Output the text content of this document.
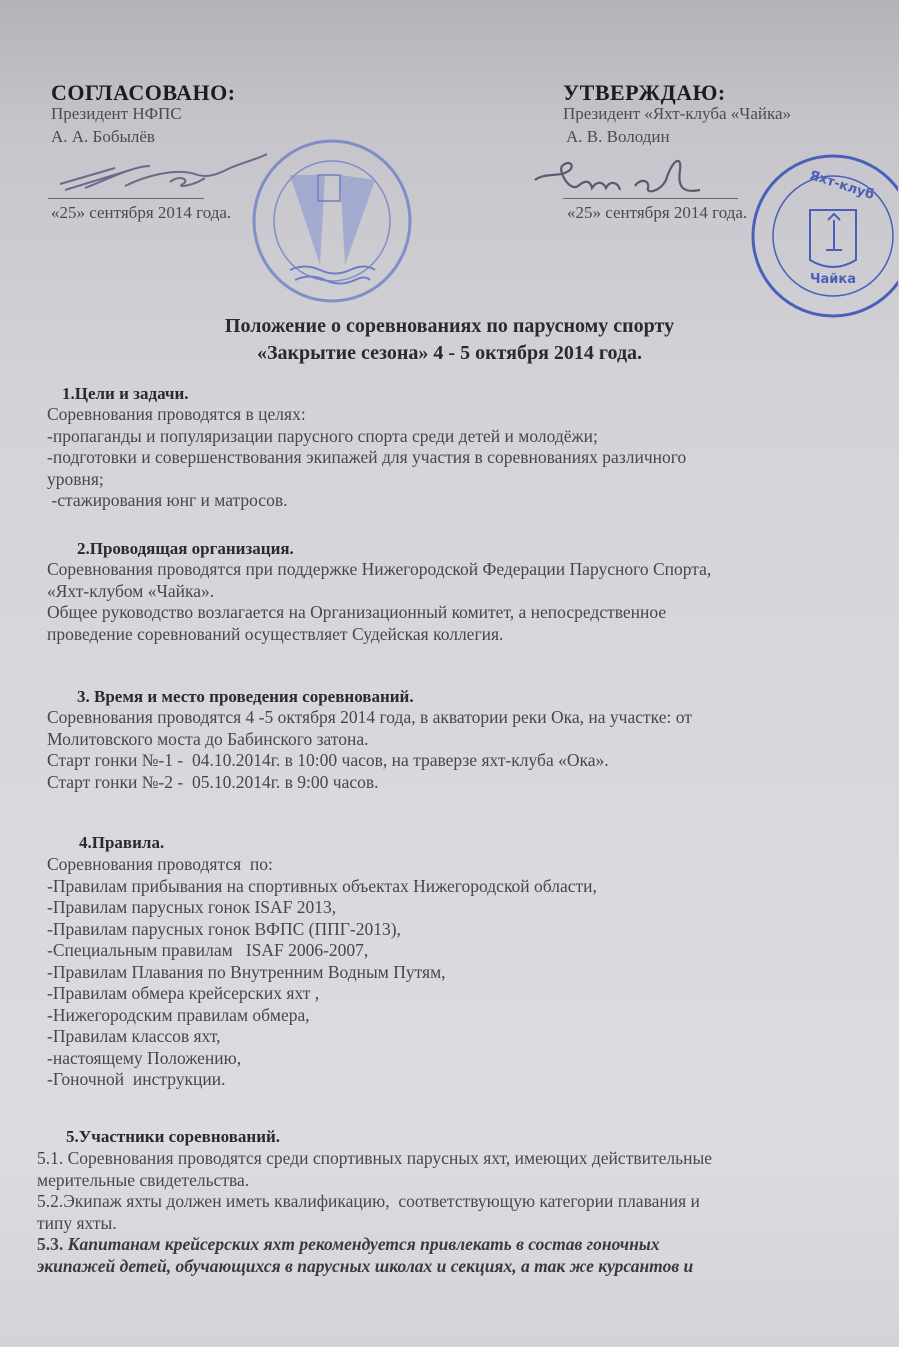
СОГЛАСОВАНО:
Президент НФПС
А. А. Бобылёв
«25» сентября 2014 года.
УТВЕРЖДАЮ:
Президент «Яхт-клуба «Чайка»
А. В. Володин
«25» сентября 2014 года.
Яхт-клуб
Чайка
Положение о соревнованиях по парусному спорту
«Закрытие сезона» 4 - 5 октября 2014 года.
1.Цели и задачи.
Соревнования проводятся в целях:
-пропаганды и популяризации парусного спорта среди детей и молодёжи;
-подготовки и совершенствования экипажей для участия в соревнованиях различного
уровня;
-стажирования юнг и матросов.
2.Проводящая организация.
Соревнования проводятся при поддержке Нижегородской Федерации Парусного Спорта,
«Яхт-клубом «Чайка».
Общее руководство возлагается на Организационный комитет, а непосредственное
проведение соревнований осуществляет Судейская коллегия.
3. Время и место проведения соревнований.
Соревнования проводятся 4 -5 октября 2014 года, в акватории реки Ока, на участке: от
Молитовского моста до Бабинского затона.
Старт гонки №-1 -  04.10.2014г. в 10:00 часов, на траверзе яхт-клуба «Ока».
Старт гонки №-2 -  05.10.2014г. в 9:00 часов.
4.Правила.
Соревнования проводятся  по:
-Правилам прибывания на спортивных объектах Нижегородской области,
-Правилам парусных гонок ISAF 2013,
-Правилам парусных гонок ВФПС (ППГ-2013),
-Специальным правилам   ISAF 2006-2007,
-Правилам Плавания по Внутренним Водным Путям,
-Правилам обмера крейсерских яхт ,
-Нижегородским правилам обмера,
-Правилам классов яхт,
-настоящему Положению,
-Гоночной  инструкции.
5.Участники соревнований.
5.1. Соревнования проводятся среди спортивных парусных яхт, имеющих действительные
мерительные свидетельства.
5.2.Экипаж яхты должен иметь квалификацию,  соответствующую категории плавания и
типу яхты.
5.3. Капитанам крейсерских яхт рекомендуется привлекать в состав гоночных
экипажей детей, обучающихся в парусных школах и секциях, а так же курсантов и
